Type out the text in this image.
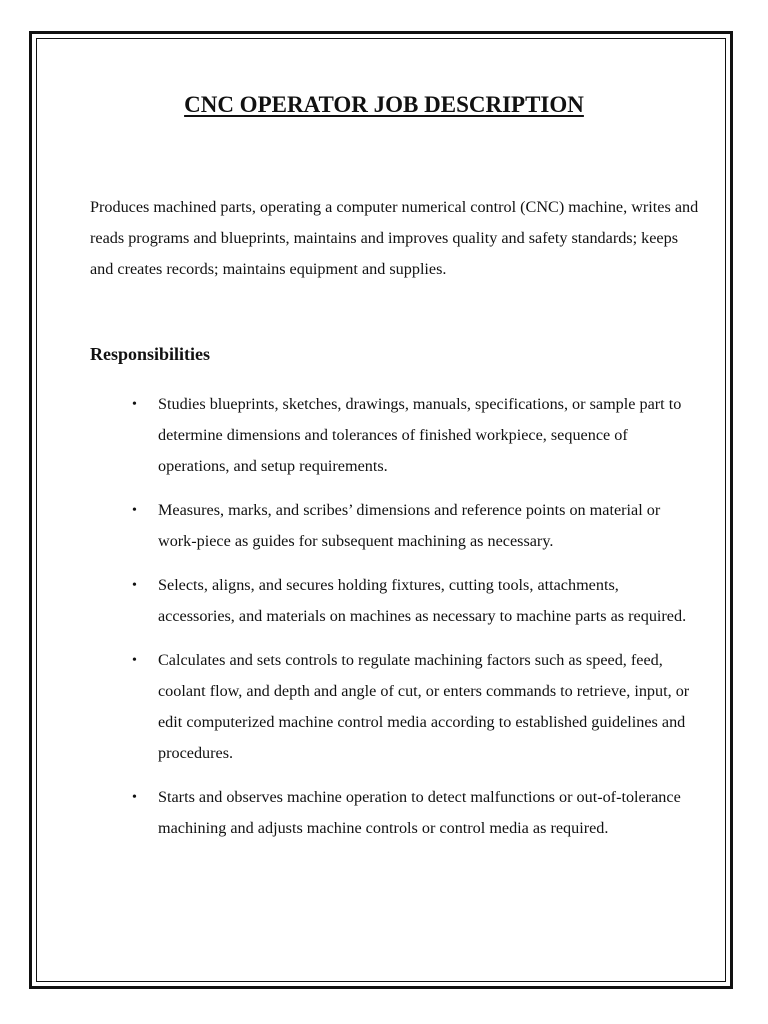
CNC OPERATOR JOB DESCRIPTION

Produces machined parts, operating a computer numerical control (CNC) machine, writes and reads programs and blueprints, maintains and improves quality and safety standards; keeps and creates records; maintains equipment and supplies.

Responsibilities
• Studies blueprints, sketches, drawings, manuals, specifications, or sample part to determine dimensions and tolerances of finished workpiece, sequence of operations, and setup requirements.
• Measures, marks, and scribes’ dimensions and reference points on material or work-piece as guides for subsequent machining as necessary.
• Selects, aligns, and secures holding fixtures, cutting tools, attachments, accessories, and materials on machines as necessary to machine parts as required.
• Calculates and sets controls to regulate machining factors such as speed, feed, coolant flow, and depth and angle of cut, or enters commands to retrieve, input, or edit computerized machine control media according to established guidelines and procedures.
• Starts and observes machine operation to detect malfunctions or out-of-tolerance machining and adjusts machine controls or control media as required.
